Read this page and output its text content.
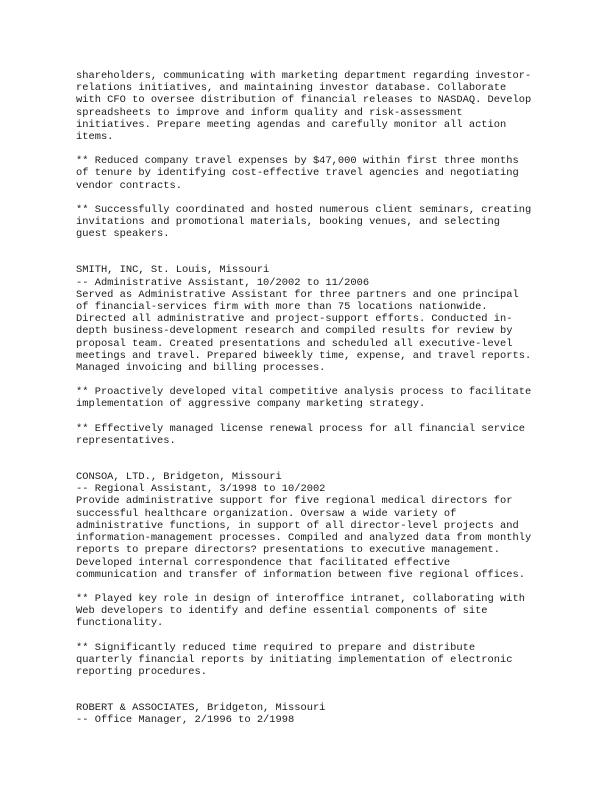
shareholders, communicating with marketing department regarding investor-
relations initiatives, and maintaining investor database. Collaborate
with CFO to oversee distribution of financial releases to NASDAQ. Develop
spreadsheets to improve and inform quality and risk-assessment
initiatives. Prepare meeting agendas and carefully monitor all action
items.

** Reduced company travel expenses by $47,000 within first three months
of tenure by identifying cost-effective travel agencies and negotiating
vendor contracts.

** Successfully coordinated and hosted numerous client seminars, creating
invitations and promotional materials, booking venues, and selecting
guest speakers.

SMITH, INC, St. Louis, Missouri

-- Administrative Assistant, 10/2002 to 11/2006

Served as Administrative Assistant for three partners and one principal
of financial-services firm with more than 75 locations nationwide.
Directed all administrative and project-support efforts. Conducted in-
depth business-development research and compiled results for review by
proposal team. Created presentations and scheduled all executive-level
meetings and travel. Prepared biweekly time, expense, and travel reports.
Managed invoicing and billing processes.

** Proactively developed vital competitive analysis process to facilitate
implementation of aggressive company marketing strategy.

** Effectively managed license renewal process for all financial service
representatives.

CONSOA, LTD., Bridgeton, Missouri

-- Regional Assistant, 3/1998 to 10/2002

Provide administrative support for five regional medical directors for
successful healthcare organization. Oversaw a wide variety of
administrative functions, in support of all director-level projects and
information-management processes. Compiled and analyzed data from monthly
reports to prepare directors? presentations to executive management.
Developed internal correspondence that facilitated effective
communication and transfer of information between five regional offices.

** Played key role in design of interoffice intranet, collaborating with
Web developers to identify and define essential components of site
functionality.

** Significantly reduced time required to prepare and distribute
quarterly financial reports by initiating implementation of electronic
reporting procedures.

ROBERT & ASSOCIATES, Bridgeton, Missouri

-- Office Manager, 2/1996 to 2/1998
